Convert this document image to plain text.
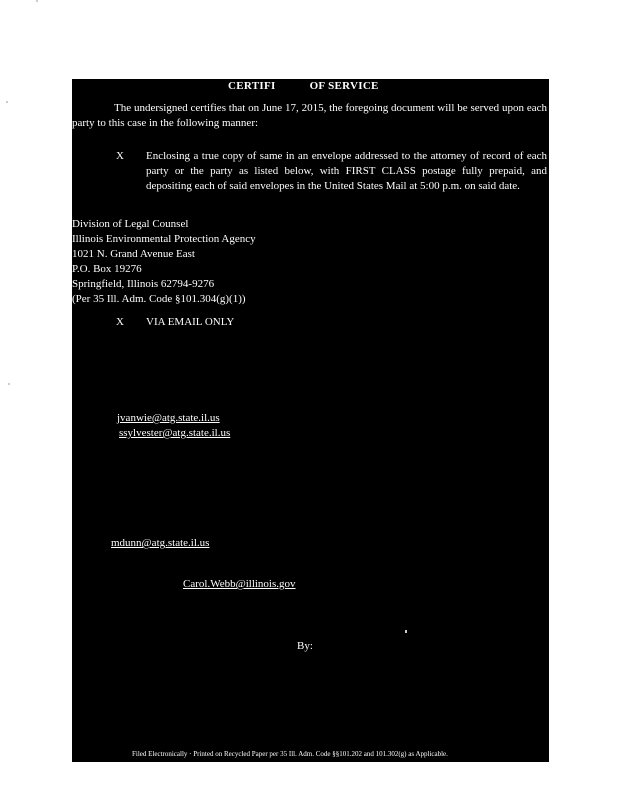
CERTIFI	OF SERVICE
The undersigned certifies that on June 17, 2015, the foregoing document will be served upon each party to this case in the following manner:
X Enclosing a true copy of same in an envelope addressed to the attorney of record of each party or the party as listed below, with FIRST CLASS postage fully prepaid, and depositing each of said envelopes in the United States Mail at 5:00 p.m. on said date.
Division of Legal Counsel
Illinois Environmental Protection Agency
1021 N. Grand Avenue East
P.O. Box 19276
Springfield, Illinois 62794-9276
(Per 35 Ill. Adm. Code §101.304(g)(1))
X VIA EMAIL ONLY
jvanwie@atg.state.il.us
ssylvester@atg.state.il.us
mdunn@atg.state.il.us
Carol.Webb@illinois.gov
By:
Filed Electronically · Printed on Recycled Paper per 35 Ill. Adm. Code §§101.202 and 101.302(g) as Applicable.
